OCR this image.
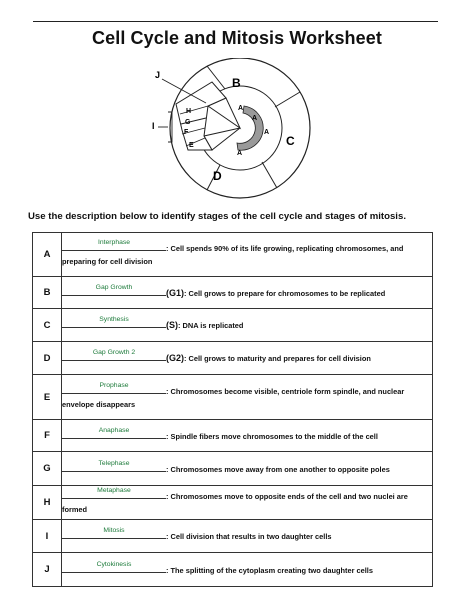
Cell Cycle and Mitosis Worksheet
J
I
B
C
D
H
G
F
E
A
A
A
A
Use the description below to identify stages of the cell cycle and stages of mitosis.
A	Interphase
: Cell spends 90% of its life growing, replicating chromosomes, and
preparing for cell division

B	Gap Growth
(G1): Cell grows to prepare for chromosomes to be replicated
C	Synthesis
(S): DNA is replicated
D	Gap Growth 2
(G2): Cell grows to maturity and prepares for cell division
E	Prophase
: Chromosomes become visible, centriole form spindle, and nuclear
envelope disappears

F	Anaphase
: Spindle fibers move chromosomes to the middle of the cell
G	Telephase
: Chromosomes move away from one another to opposite poles
H	Metaphase
: Chromosomes move to opposite ends of the cell and two nuclei are formed
I	Mitosis
: Cell division that results in two daughter cells
J	Cytokinesis
: The splitting of the cytoplasm creating two daughter cells
